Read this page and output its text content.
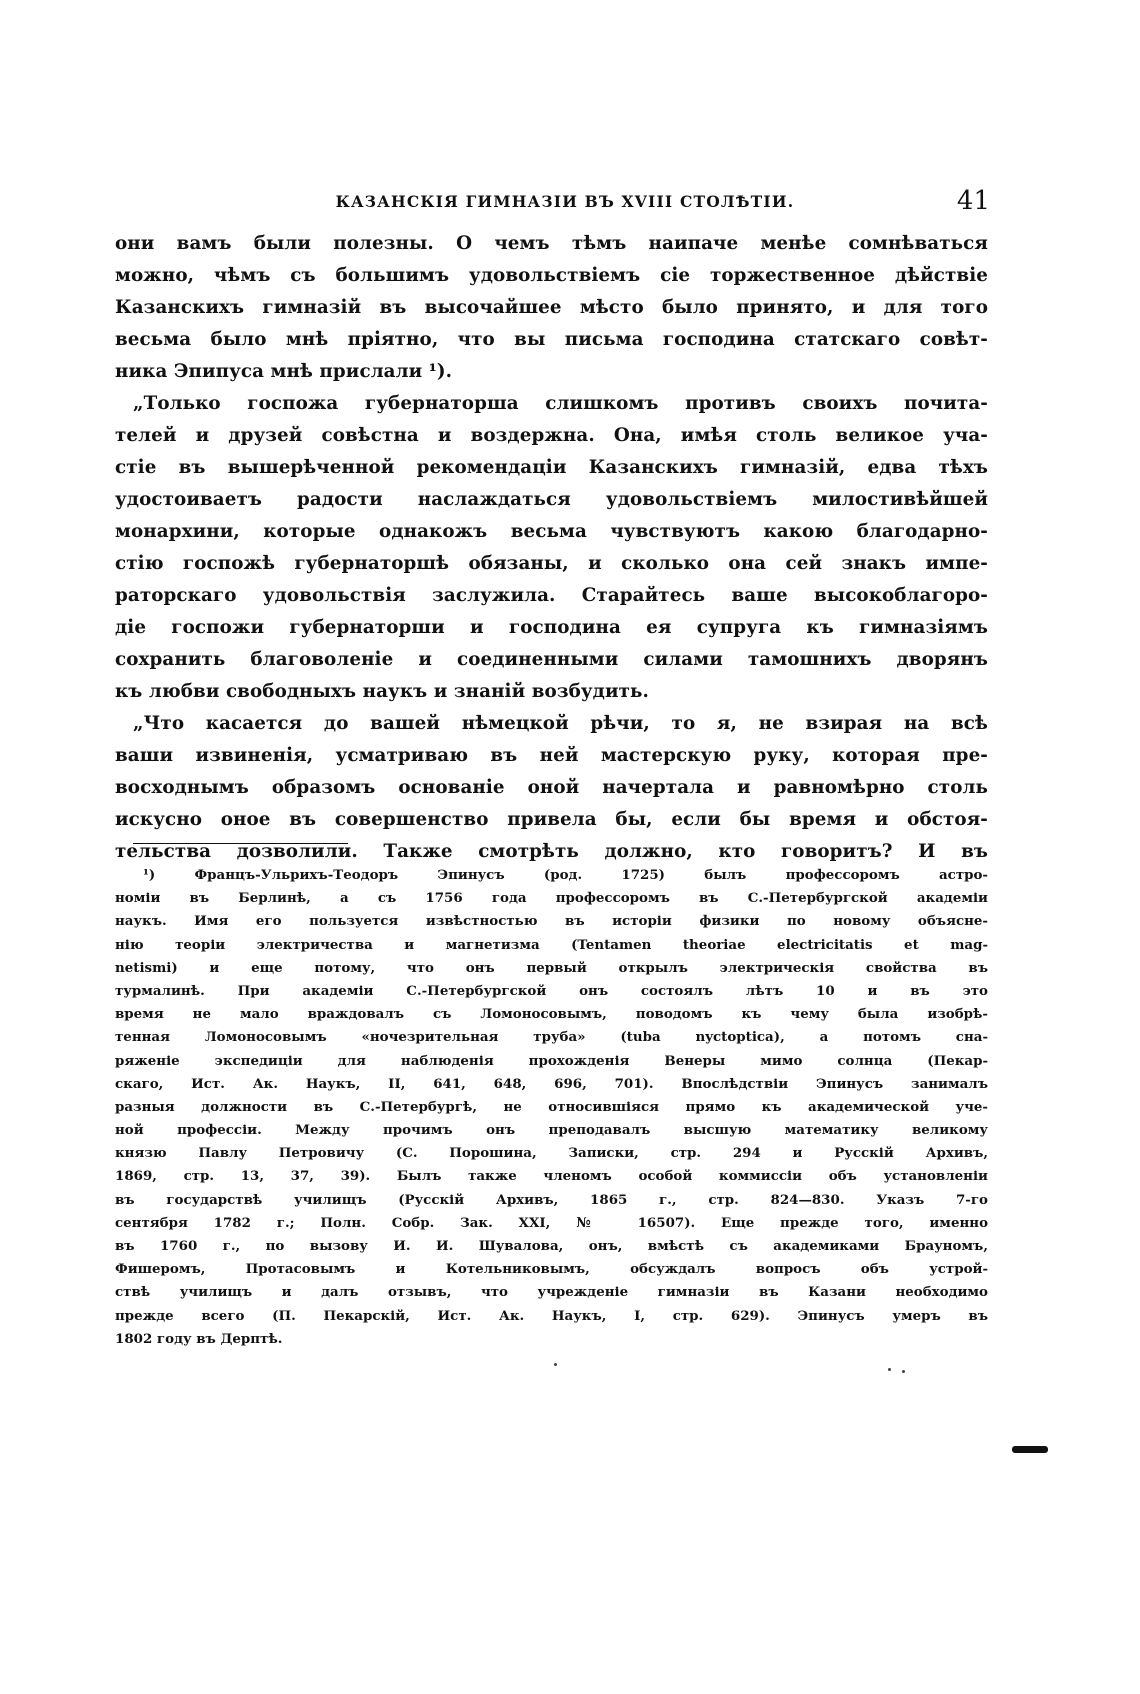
КАЗАНСКІЯ ГИМНАЗІИ ВЪ XVIII СТОЛѢТІИ.	41
они вамъ были полезны. О чемъ тѣмъ наипаче менѣе сомнѣваться
можно, чѣмъ съ большимъ удовольствіемъ сіе торжественное дѣйствіе
Казанскихъ гимназій въ высочайшее мѣсто было принято, и для того
весьма было мнѣ пріятно, что вы письма господина статскаго совѣт-
ника Эпипуса мнѣ прислали ¹).
„Только госпожа губернаторша слишкомъ противъ своихъ почита-
телей и друзей совѣстна и воздержна. Она, имѣя столь великое уча-
стіе въ вышерѣченной рекомендаціи Казанскихъ гимназій, едва тѣхъ
удостоиваетъ радости наслаждаться удовольствіемъ милостивѣйшей
монархини, которые однакожъ весьма чувствуютъ какою благодарно-
стію госпожѣ губернаторшѣ обязаны, и сколько она сей знакъ импе-
раторскаго удовольствія заслужила. Старайтесь ваше высокоблагоро-
діе госпожи губернаторши и господина ея супруга къ гимназіямъ
сохранить благоволеніе и соединенными силами тамошнихъ дворянъ
къ любви свободныхъ наукъ и знаній возбудить.
„Что касается до вашей нѣмецкой рѣчи, то я, не взирая на всѣ
ваши извиненія, усматриваю въ ней мастерскую руку, которая пре-
восходнымъ образомъ основаніе оной начертала и равномѣрно столь
искусно оное въ совершенство привела бы, если бы время и обстоя-
тельства дозволили. Также смотрѣть должно, кто говоритъ? И въ
¹) Францъ-Ульрихъ-Теодоръ Эпинусъ (род. 1725) былъ профессоромъ астро-
номіи въ Берлинѣ, а съ 1756 года профессоромъ въ С.-Петербургской академіи
наукъ. Имя его пользуется извѣстностью въ исторіи физики по новому объясне-
нію теоріи электричества и магнетизма (Tentamen theoriae electricitatis et mag-
netismi) и еще потому, что онъ первый открылъ электрическія свойства въ
турмалинѣ. При академіи С.-Петербургской онъ состоялъ лѣтъ 10 и въ это
время не мало враждовалъ съ Ломоносовымъ, поводомъ къ чему была изобрѣ-
тенная Ломоносовымъ «ночезрительная труба» (tuba nyctoptica), а потомъ сна-
ряженіе экспедиціи для наблюденія прохожденія Венеры мимо солнца (Пекар-
скаго, Ист. Ак. Наукъ, II, 641, 648, 696, 701). Впослѣдствіи Эпинусъ занималъ
разныя должности въ С.-Петербургѣ, не относившіяся прямо къ академической уче-
ной профессіи. Между прочимъ онъ преподавалъ высшую математику великому
князю Павлу Петровичу (С. Порошина, Записки, стр. 294 и Русскій Архивъ,
1869, стр. 13, 37, 39). Былъ также членомъ особой коммиссіи объ установленіи
въ государствѣ училищъ (Русскій Архивъ, 1865 г., стр. 824—830. Указъ 7-го
сентября 1782 г.; Полн. Собр. Зак. XXI, № 16507). Еще прежде того, именно
въ 1760 г., по вызову И. И. Шувалова, онъ, вмѣстѣ съ академиками Брауномъ,
Фишеромъ, Протасовымъ и Котельниковымъ, обсуждалъ вопросъ объ устрой-
ствѣ училищъ и далъ отзывъ, что учрежденіе гимназіи въ Казани необходимо
прежде всего (П. Пекарскій, Ист. Ак. Наукъ, I, стр. 629). Эпинусъ умеръ въ
1802 году въ Дерптѣ.
